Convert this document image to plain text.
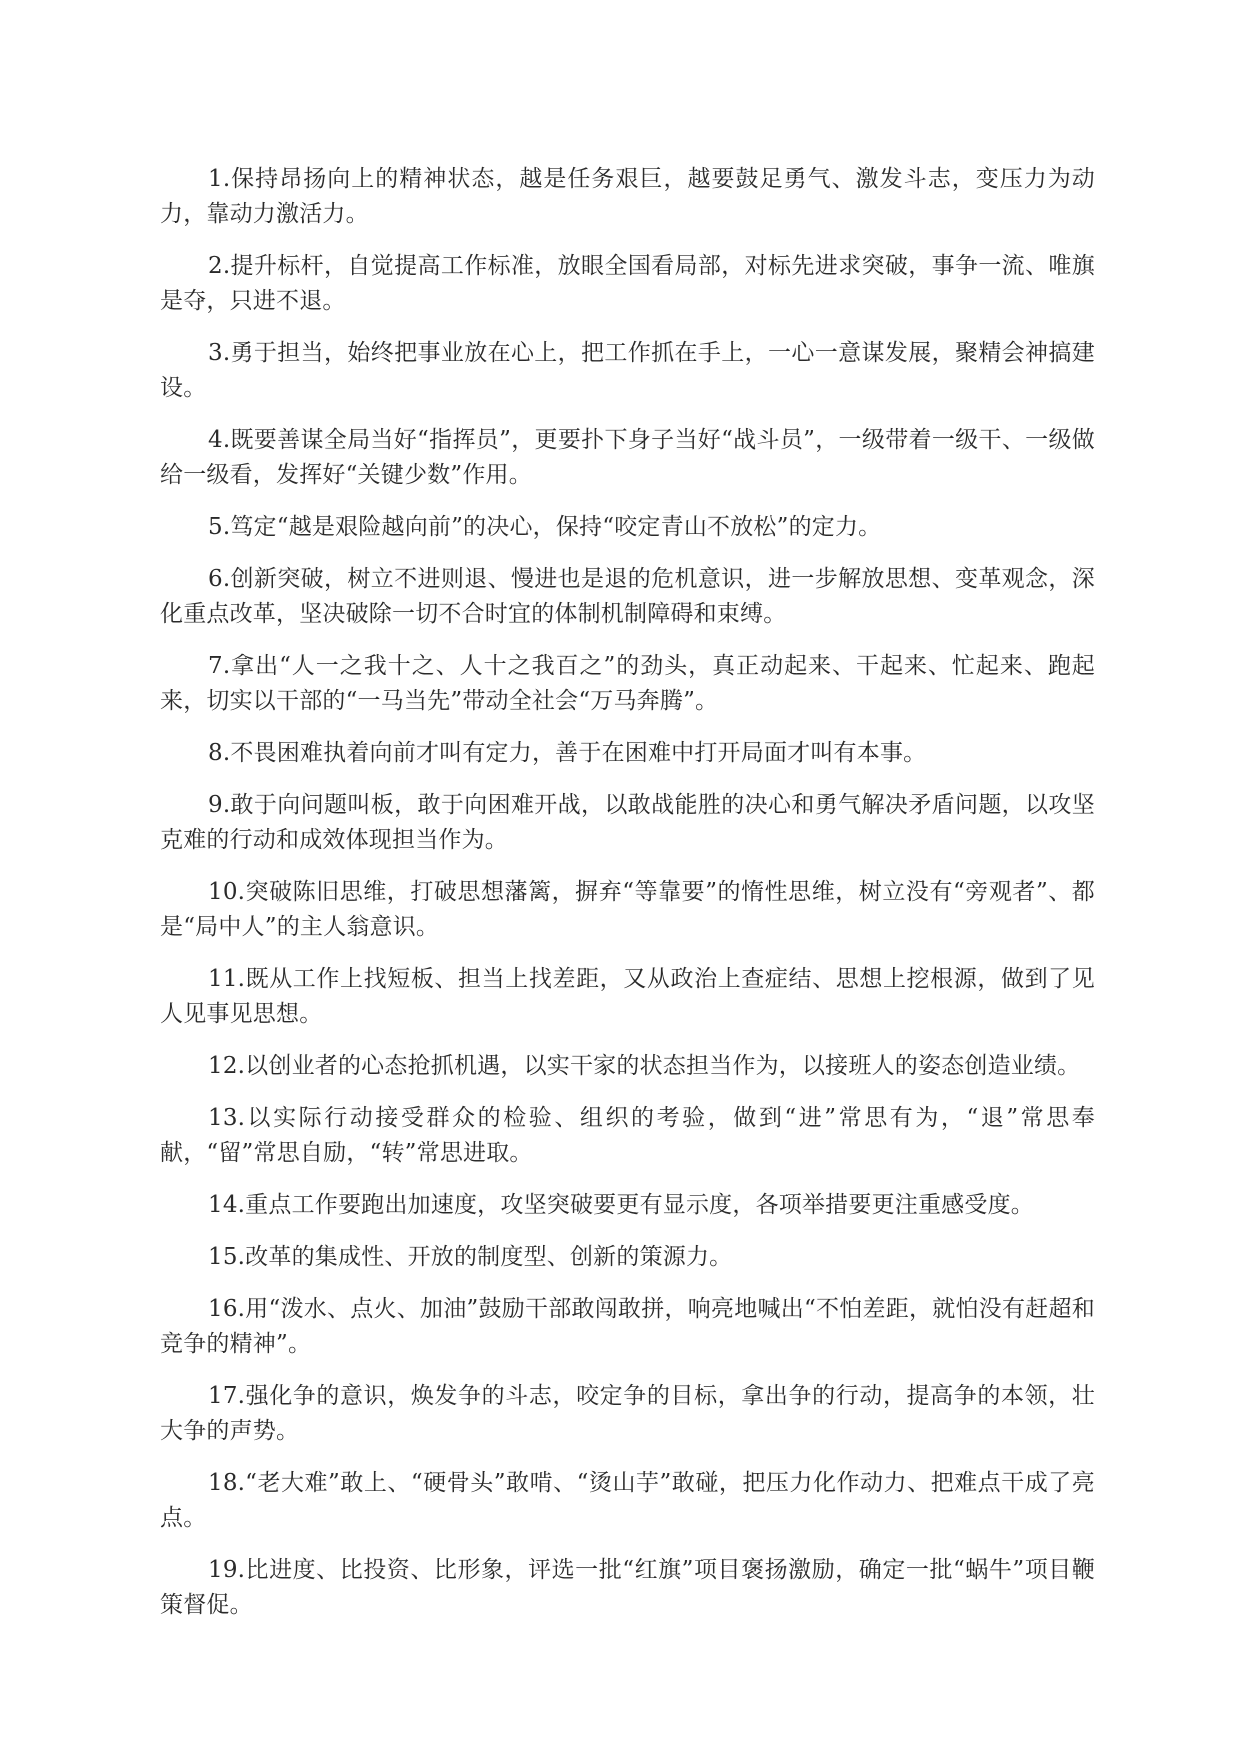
1.保持昂扬向上的精神状态，越是任务艰巨，越要鼓足勇气、激发斗志，变压力为动力，靠动力激活力。

2.提升标杆，自觉提高工作标准，放眼全国看局部，对标先进求突破，事争一流、唯旗是夺，只进不退。

3.勇于担当，始终把事业放在心上，把工作抓在手上，一心一意谋发展，聚精会神搞建设。

4.既要善谋全局当好“指挥员”，更要扑下身子当好“战斗员”，一级带着一级干、一级做给一级看，发挥好“关键少数”作用。

5.笃定“越是艰险越向前”的决心，保持“咬定青山不放松”的定力。

6.创新突破，树立不进则退、慢进也是退的危机意识，进一步解放思想、变革观念，深化重点改革，坚决破除一切不合时宜的体制机制障碍和束缚。

7.拿出“人一之我十之、人十之我百之”的劲头，真正动起来、干起来、忙起来、跑起来，切实以干部的“一马当先”带动全社会“万马奔腾”。

8.不畏困难执着向前才叫有定力，善于在困难中打开局面才叫有本事。

9.敢于向问题叫板，敢于向困难开战，以敢战能胜的决心和勇气解决矛盾问题，以攻坚克难的行动和成效体现担当作为。

10.突破陈旧思维，打破思想藩篱，摒弃“等靠要”的惰性思维，树立没有“旁观者”、都是“局中人”的主人翁意识。

11.既从工作上找短板、担当上找差距，又从政治上查症结、思想上挖根源，做到了见人见事见思想。

12.以创业者的心态抢抓机遇，以实干家的状态担当作为，以接班人的姿态创造业绩。

13.以实际行动接受群众的检验、组织的考验，做到“进”常思有为，“退”常思奉献，“留”常思自励，“转”常思进取。

14.重点工作要跑出加速度，攻坚突破要更有显示度，各项举措要更注重感受度。

15.改革的集成性、开放的制度型、创新的策源力。

16.用“泼水、点火、加油”鼓励干部敢闯敢拼，响亮地喊出“不怕差距，就怕没有赶超和竞争的精神”。

17.强化争的意识，焕发争的斗志，咬定争的目标，拿出争的行动，提高争的本领，壮大争的声势。

18.“老大难”敢上、“硬骨头”敢啃、“烫山芋”敢碰，把压力化作动力、把难点干成了亮点。

19.比进度、比投资、比形象，评选一批“红旗”项目褒扬激励，确定一批“蜗牛”项目鞭策督促。
